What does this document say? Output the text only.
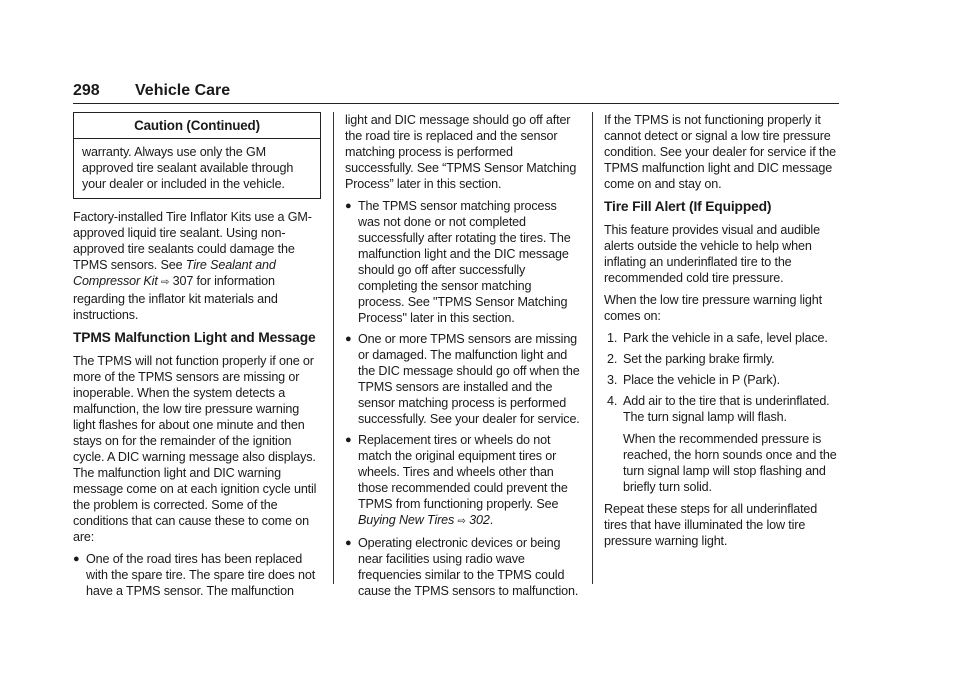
298 Vehicle Care
Caution (Continued)
warranty. Always use only the GM approved tire sealant available through your dealer or included in the vehicle.

Factory-installed Tire Inflator Kits use a GM-approved liquid tire sealant. Using non-approved tire sealants could damage the TPMS sensors. See Tire Sealant and Compressor Kit ⇨ 307 for information regarding the inflator kit materials and instructions.

TPMS Malfunction Light and Message

The TPMS will not function properly if one or more of the TPMS sensors are missing or inoperable. When the system detects a malfunction, the low tire pressure warning light flashes for about one minute and then stays on for the remainder of the ignition cycle. A DIC warning message also displays. The malfunction light and DIC warning message come on at each ignition cycle until the problem is corrected. Some of the conditions that can cause these to come on are:

● One of the road tires has been replaced with the spare tire. The spare tire does not have a TPMS sensor. The malfunction

light and DIC message should go off after the road tire is replaced and the sensor matching process is performed successfully. See “TPMS Sensor Matching Process” later in this section.

● The TPMS sensor matching process was not done or not completed successfully after rotating the tires. The malfunction light and the DIC message should go off after successfully completing the sensor matching process. See "TPMS Sensor Matching Process" later in this section.
● One or more TPMS sensors are missing or damaged. The malfunction light and the DIC message should go off when the TPMS sensors are installed and the sensor matching process is performed successfully. See your dealer for service.
● Replacement tires or wheels do not match the original equipment tires or wheels. Tires and wheels other than those recommended could prevent the TPMS from functioning properly. See Buying New Tires ⇨ 302.
● Operating electronic devices or being near facilities using radio wave frequencies similar to the TPMS could cause the TPMS sensors to malfunction.

If the TPMS is not functioning properly it cannot detect or signal a low tire pressure condition. See your dealer for service if the TPMS malfunction light and DIC message come on and stay on.

Tire Fill Alert (If Equipped)

This feature provides visual and audible alerts outside the vehicle to help when inflating an underinflated tire to the recommended cold tire pressure.

When the low tire pressure warning light comes on:

1. Park the vehicle in a safe, level place.
2. Set the parking brake firmly.
3. Place the vehicle in P (Park).
4. Add air to the tire that is underinflated. The turn signal lamp will flash.
When the recommended pressure is reached, the horn sounds once and the turn signal lamp will stop flashing and briefly turn solid.

Repeat these steps for all underinflated tires that have illuminated the low tire pressure warning light.
